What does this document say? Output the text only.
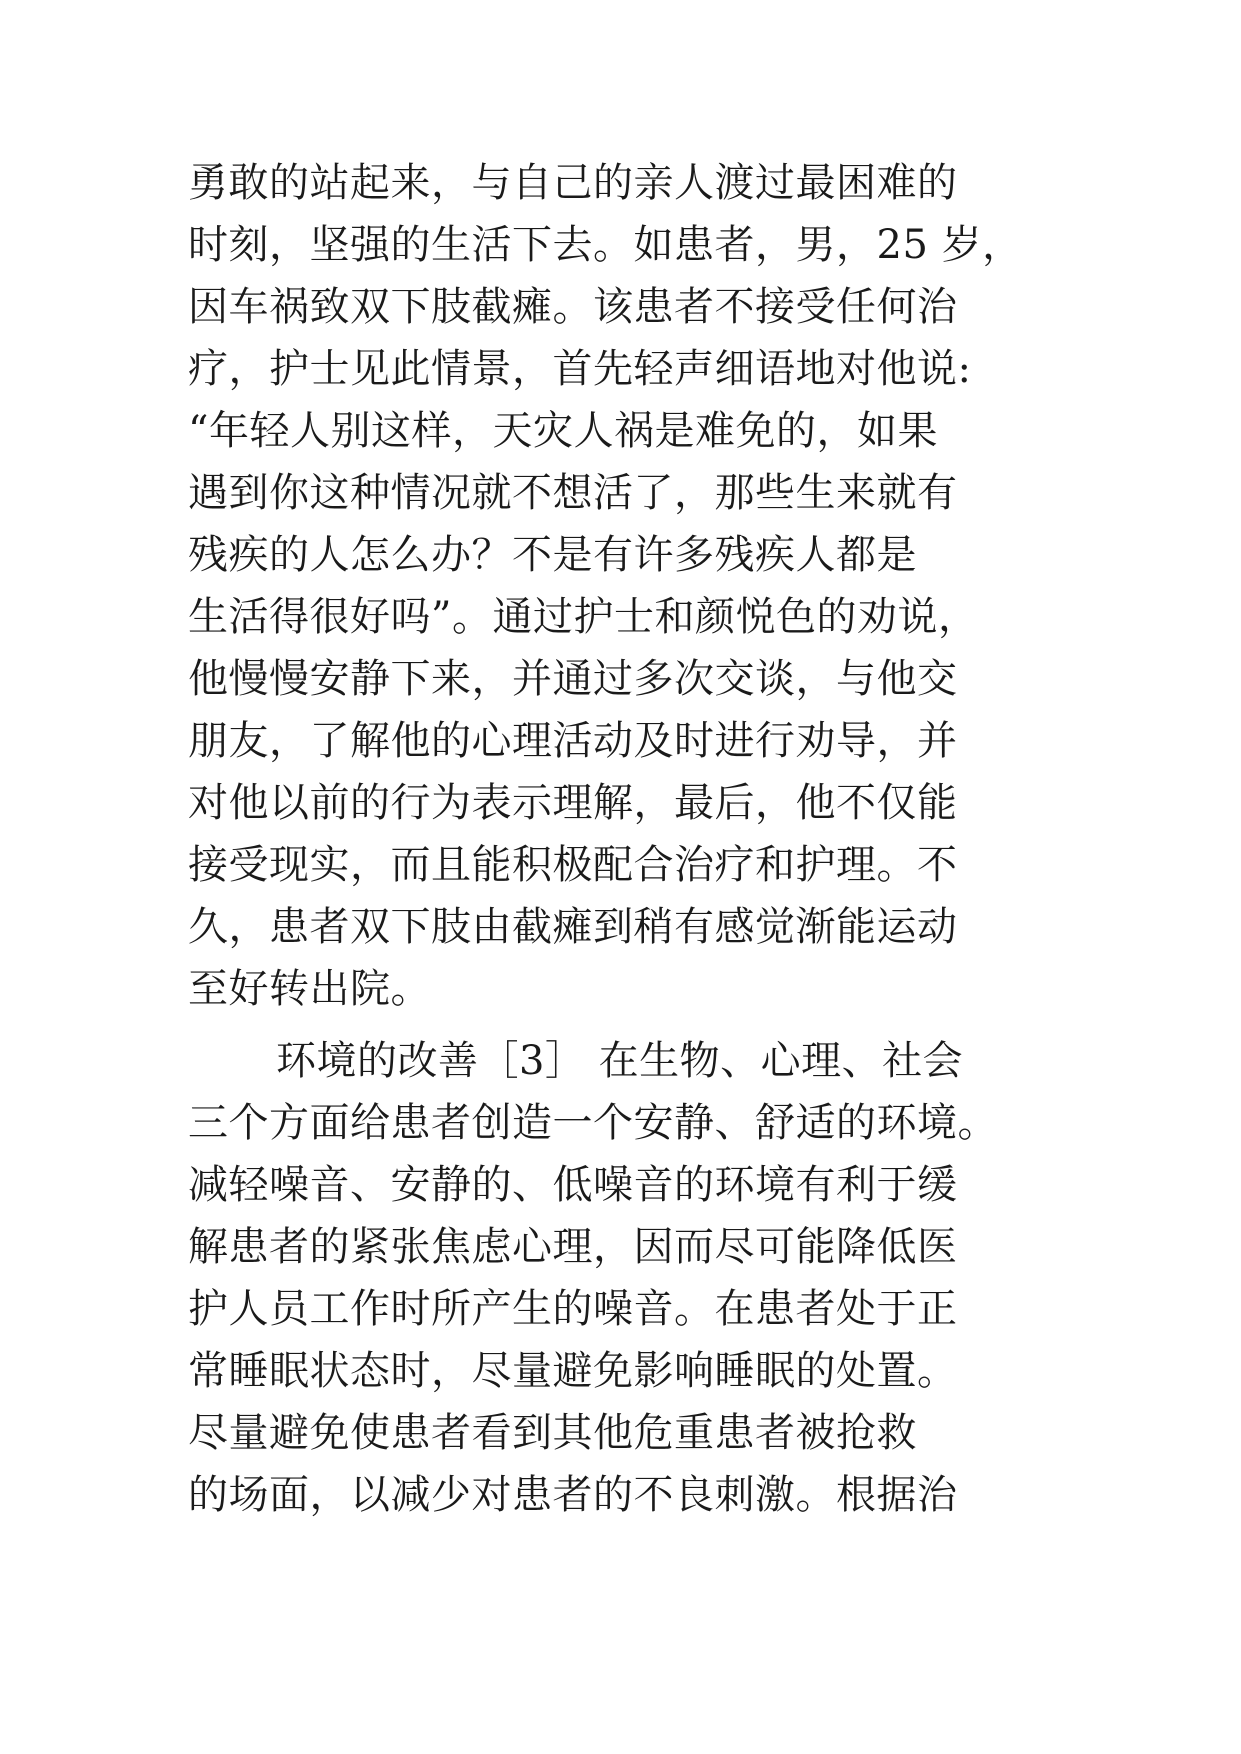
勇敢的站起来，与自己的亲人渡过最困难的
时刻，坚强的生活下去。如患者，男，25 岁，
因车祸致双下肢截瘫。该患者不接受任何治
疗，护士见此情景，首先轻声细语地对他说:
“年轻人别这样，天灾人祸是难免的，如果
遇到你这种情况就不想活了，那些生来就有
残疾的人怎么办？不是有许多残疾人都是
生活得很好吗”。通过护士和颜悦色的劝说，
他慢慢安静下来，并通过多次交谈，与他交
朋友，了解他的心理活动及时进行劝导，并
对他以前的行为表示理解，最后，他不仅能
接受现实，而且能积极配合治疗和护理。不
久，患者双下肢由截瘫到稍有感觉渐能运动
至好转出院。
环境的改善［3］ 在生物、心理、社会
三个方面给患者创造一个安静、舒适的环境。
减轻噪音、安静的、低噪音的环境有利于缓
解患者的紧张焦虑心理，因而尽可能降低医
护人员工作时所产生的噪音。在患者处于正
常睡眠状态时，尽量避免影响睡眠的处置。
尽量避免使患者看到其他危重患者被抢救
的场面，以减少对患者的不良刺激。根据治
